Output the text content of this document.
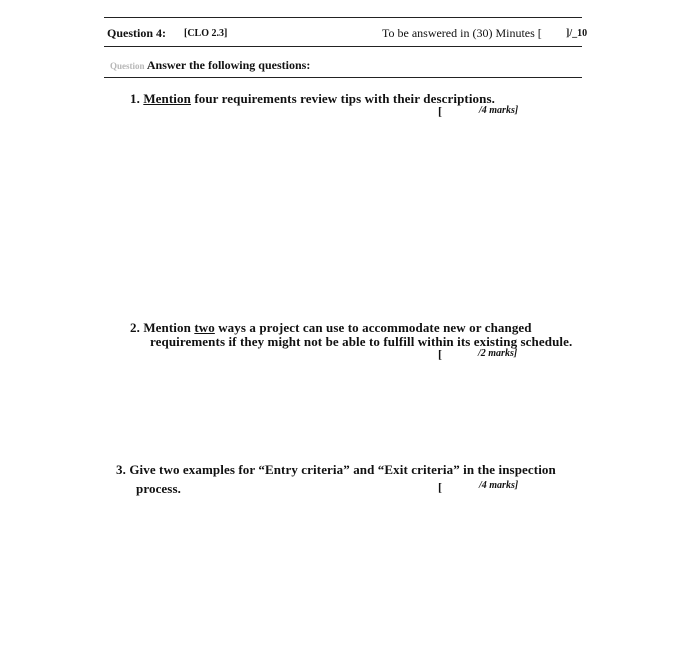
Question 4: [CLO 2.3]	To be answered in (30) Minutes [ ]/_10
Question Answer the following questions:
1. Mention four requirements review tips with their descriptions.
[	/4 marks]
2. Mention two ways a project can use to accommodate new or changed
requirements if they might not be able to fulfill within its existing schedule.
[	/2 marks]
3. Give two examples for “Entry criteria” and “Exit criteria” in the inspection
process.	[	/4 marks]
